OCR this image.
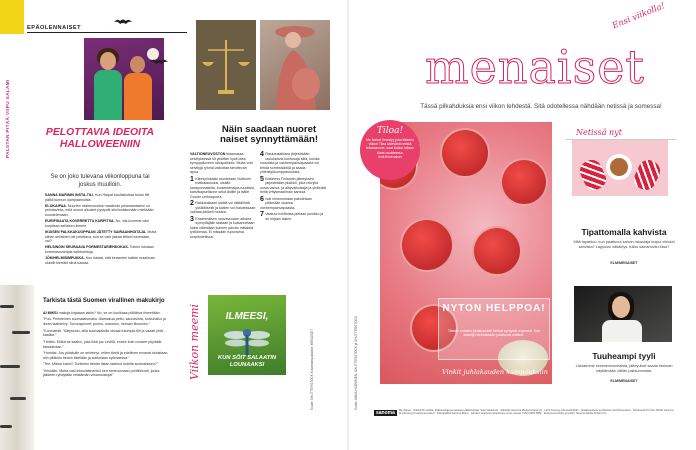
EPÄOLENNAISET
PALSTAN PITÄÄ VIIPU SALAMI	PELOTTAVIA IDEOITA HALLOWEENIIN
Se on joko tulevana viikonloppuna tai joskus muulloin.

SANNA MARININ INSTA-TILI. Kun Halpat kauhiskuttaa tukan tiiti pätkii kunnon kampaamoista.

ELOKAIPAA. Nuorten mielenosoitus maailman pelastamiseksi on pelottavinta, mitä monet aikuiset pystyvät silminnäkemään mielisään kuuntelemaan.

EURIFISAATA KOVERRETTU KURPITSA. No, siis koverrat vain kurpitsan sellaisen ilmeen.

IKUISEN PALKKAKUOPPAAN JÄTETTY SAIRAANHOITAJA. Mutta siihen sellainen ole pelottava, kun se vain jatkaa kiltisti hommiaan, vai?

HELSINGIN SEURAAVA PORMESTARIEHDOKAS. Toinen toistaan kurmeasovampia vaihtoehtoja.

JÖKIHELMISIMPUKKA. Kun halaat, että kerranten kallein maailman ukkelit kierrätit siinä kautaa.

Näin saadaan nuoret naiset synnyttämään!

VALTIONEUVOSTON tilaamassa selvityksessä sit yksittän hyvä idea: kympppiloveen rahapalkinto. Mutta voin selvityjä ryhmä vaikuttaa tarvittevan apua.

1 Kiinnipiinkakki muutetaan Vuittonin matkalaukuksi, sisältö kansponnaisilta, korkeidenaipa-ruudeksi, kahvikapselikone sekä äidille ja isälle Guccin verkkapuvut.

2 Rakkauskaari siaitiä voi räätälöidä yksilöllisesti ja kaiken voi halutessaan vaihtaa jokiketi muuksi.

3 Ensimmäisen vauvavuoden aikana synnyttäjälle taataan ja kustannetaan kaksi välimtään kolmen päivän mittaista tyttölomaa. Ei missään rupunsesa korpihotellissa.

4 Raskausaikana järjestetään laulukahvia kuntosaja siitä, kuinka vauvasta ja vanhempainvapaasta voi tehdä somesisältöä ja saada yhteistyökumppanuuksia.

5 Business Finlandin jättetyksen järjestetään yksikkö, joka rekrytoi uusia vauva- ja äitiyvaikuttajia ja yhdistää heitä yritysmaailman kanssa.

6 Isät nimenomaan pakotetaan pitämään osansa vanhempainvapaasta.

7 Vaatuut kohtisista jaetaan pusikko ja se kirjaan laskin.

Tarkista tästä Suomen virallinen makukirjo

AI MIKSI makuja kirjataan lakiin? No, se on kuulkaas pöllitkiva ilmeeltään.

"Puu. Perinteinen suomalaismaku. Alamakua pettu, saunavihta, koivuhalko ja ikean laatuleivy. Turmuspinnet: punnu, mauston, heiman tiksuinen."

"Konmainiti. Ylätyseniu, silla suomalaisille oiivsat tutumpia tilit ja vaaati yhtä -kastike."

"Hörttiu. Eläkä se kaakvi, joka ikkä juo Levillä, ennen kuin nousee pöydälle tanssimaan."

"Homtiai. Jos pöiakulle on selvinnyt, miten tämä ja edellinen eroavat toisistaan, niin pitäkiön tiedon itsellään ja sukkelaan syömaessa."

"Tee. Mikssi kahvi? Tuntkeko tämän listan laatinut todella suomalaisen?"

"Ihkivälin. Mutta vaki inkkulaishenkiö sen nimenomaan porttiishosti, jonka jäkkeen ryhdytään veistämän viinamuistoja!"	Viikon meemi	ILMEESI,
KUN SÖIT SALAATIN LOUNAAKSI	Kuvat: SHUTTERSTOCK Kuvamanipulaatiot: MENAISET
Ensi viikolla!
menaiset
Tässä pilkahduksia ensi viikon lehdestä. Sitä odotellessa nähdään netissä ja somessa!
Tiloa!
Me Naiset ilmestyy joka liikkeen viikko! Tilaa kätevästi netistä tekstaamme, saat lisäksi laitaan tilata osoitteessa lehti.fi/menaiset
NYTON HELPPOA!
Tämän vuoden juhlakaudeti herkut syntyvät nopeasti. Kun keskityt tarkastaaan paaltuvat mittiset.
Vinkit juhlakauden kampauksiin
Kuvat: ANNA HUOVINEN, SHUTTERSTOCK ja SHUTTERSTOCK
Netissä nyt
Tipattomalla kahvista
Mitä tapahtuu, kun paattunut kahvin rakastaja luopui viikoksi kahvista? Lappuksi näkäirtys, tuliko samanuvitu kiwa?
ELM/MENAISET
Tuuheampi tyyli
Listasimme kesimenkuumaista, jätteyuivat saada tirukuan näyttämään vähän paksummalta.
ELM/MENAISET
sanoma	Me Naiset · Viikkolehti naisille. Päätoimittaja ja vastaava päätoimittaja: Satu Vasantola · Julkaisija Sanoma Media Finland Oy · Lehti ilmestyy joka keskiviikko · Asiakaspalvelu ja tilaukset: lehti.fi/menaiset · Postiosoite PL 100, 00040 Sanoma · Ilmoitusmyynti sanomamedia.fi · Painopaikka Sanoma Manu · Lehteen tarjotusta aineistosta emme vastaa. ISSN 0355-5852 · Erikoissuunnittelu ja tekstit: Sanoma Media Finland Oy
